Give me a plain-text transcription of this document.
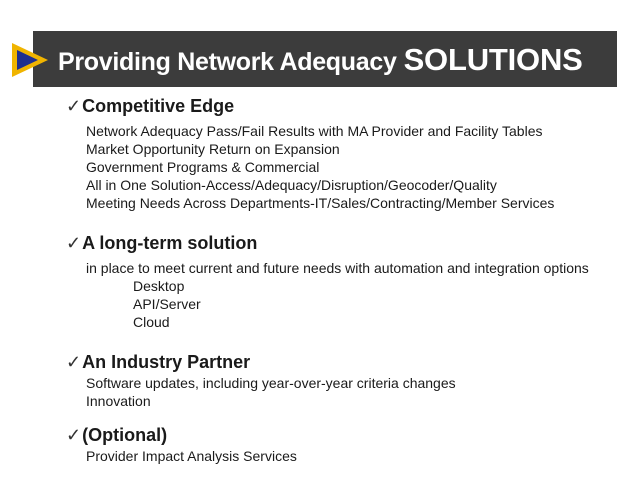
Providing Network Adequacy SOLUTIONS
✓Competitive Edge
Network Adequacy Pass/Fail Results with MA Provider and Facility Tables
Market Opportunity Return on Expansion
Government Programs & Commercial
All in One Solution-Access/Adequacy/Disruption/Geocoder/Quality
Meeting Needs Across Departments-IT/Sales/Contracting/Member Services
✓A long-term solution
in place to meet current and future needs with automation and integration options
Desktop
API/Server
Cloud
✓An Industry Partner
Software updates, including year-over-year criteria changes
Innovation
✓(Optional)
Provider Impact Analysis Services
